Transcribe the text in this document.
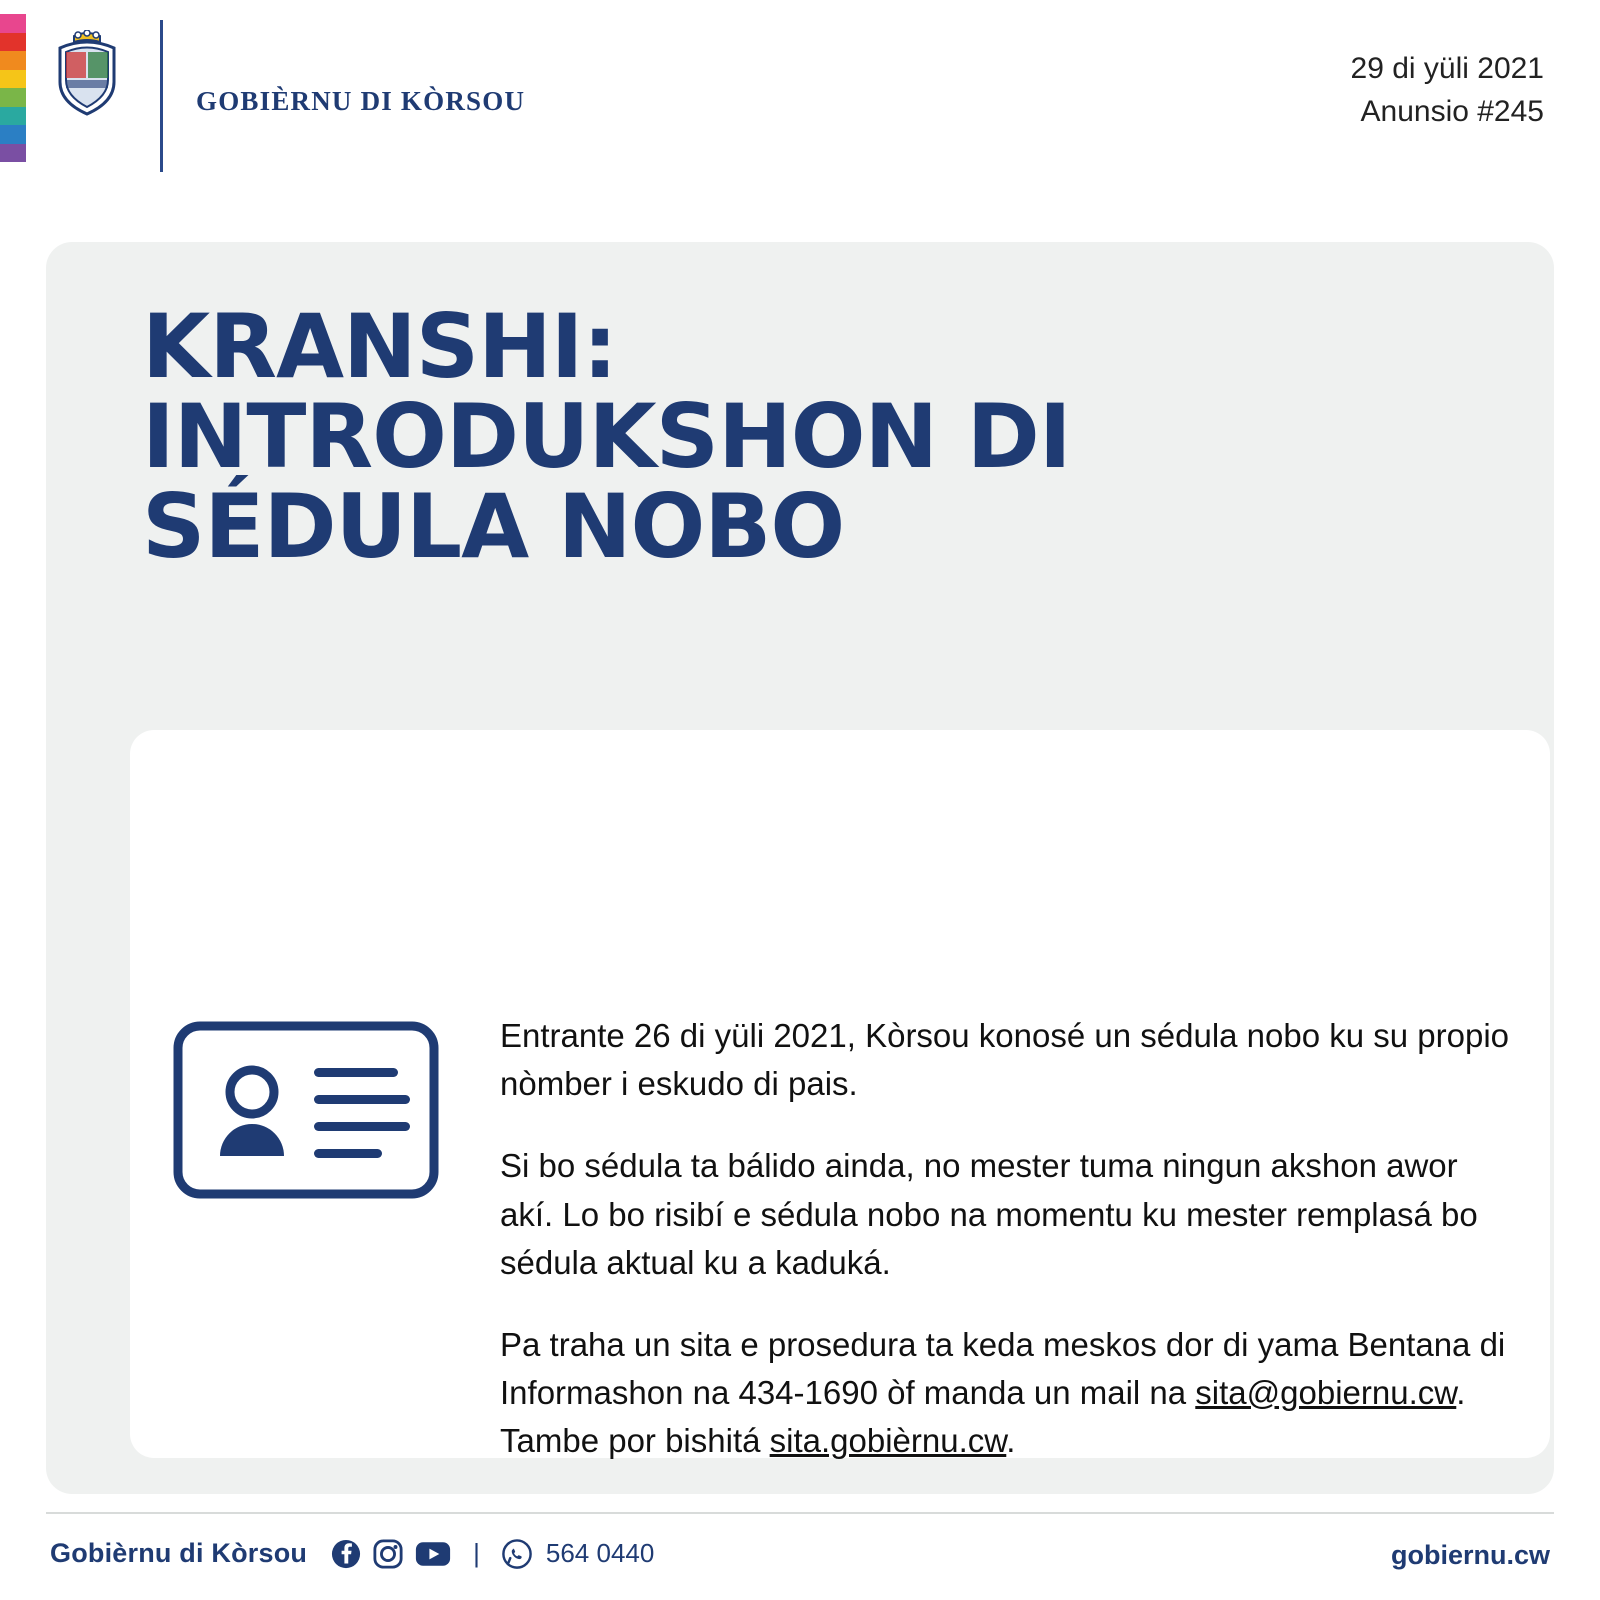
GOBIÈRNU DI KÒRSOU
29 di yüli 2021
Anunsio #245
KRANSHI:
INTRODUKSHON DI
SÉDULA NOBO

Entrante 26 di yüli 2021, Kòrsou konosé un sédula nobo ku su propio nòmber i eskudo di pais.

Si bo sédula ta bálido ainda, no mester tuma ningun akshon awor akí. Lo bo risibí e sédula nobo na momentu ku mester remplasá bo sédula aktual ku a kaduká.

Pa traha un sita e prosedura ta keda meskos dor di yama Bentana di Informashon na 434-1690 òf manda un mail na sita@gobiernu.cw. Tambe por bishitá sita.gobièrnu.cw.

Gobièrnu di Kòrsou	|	564 0440	gobiernu.cw
